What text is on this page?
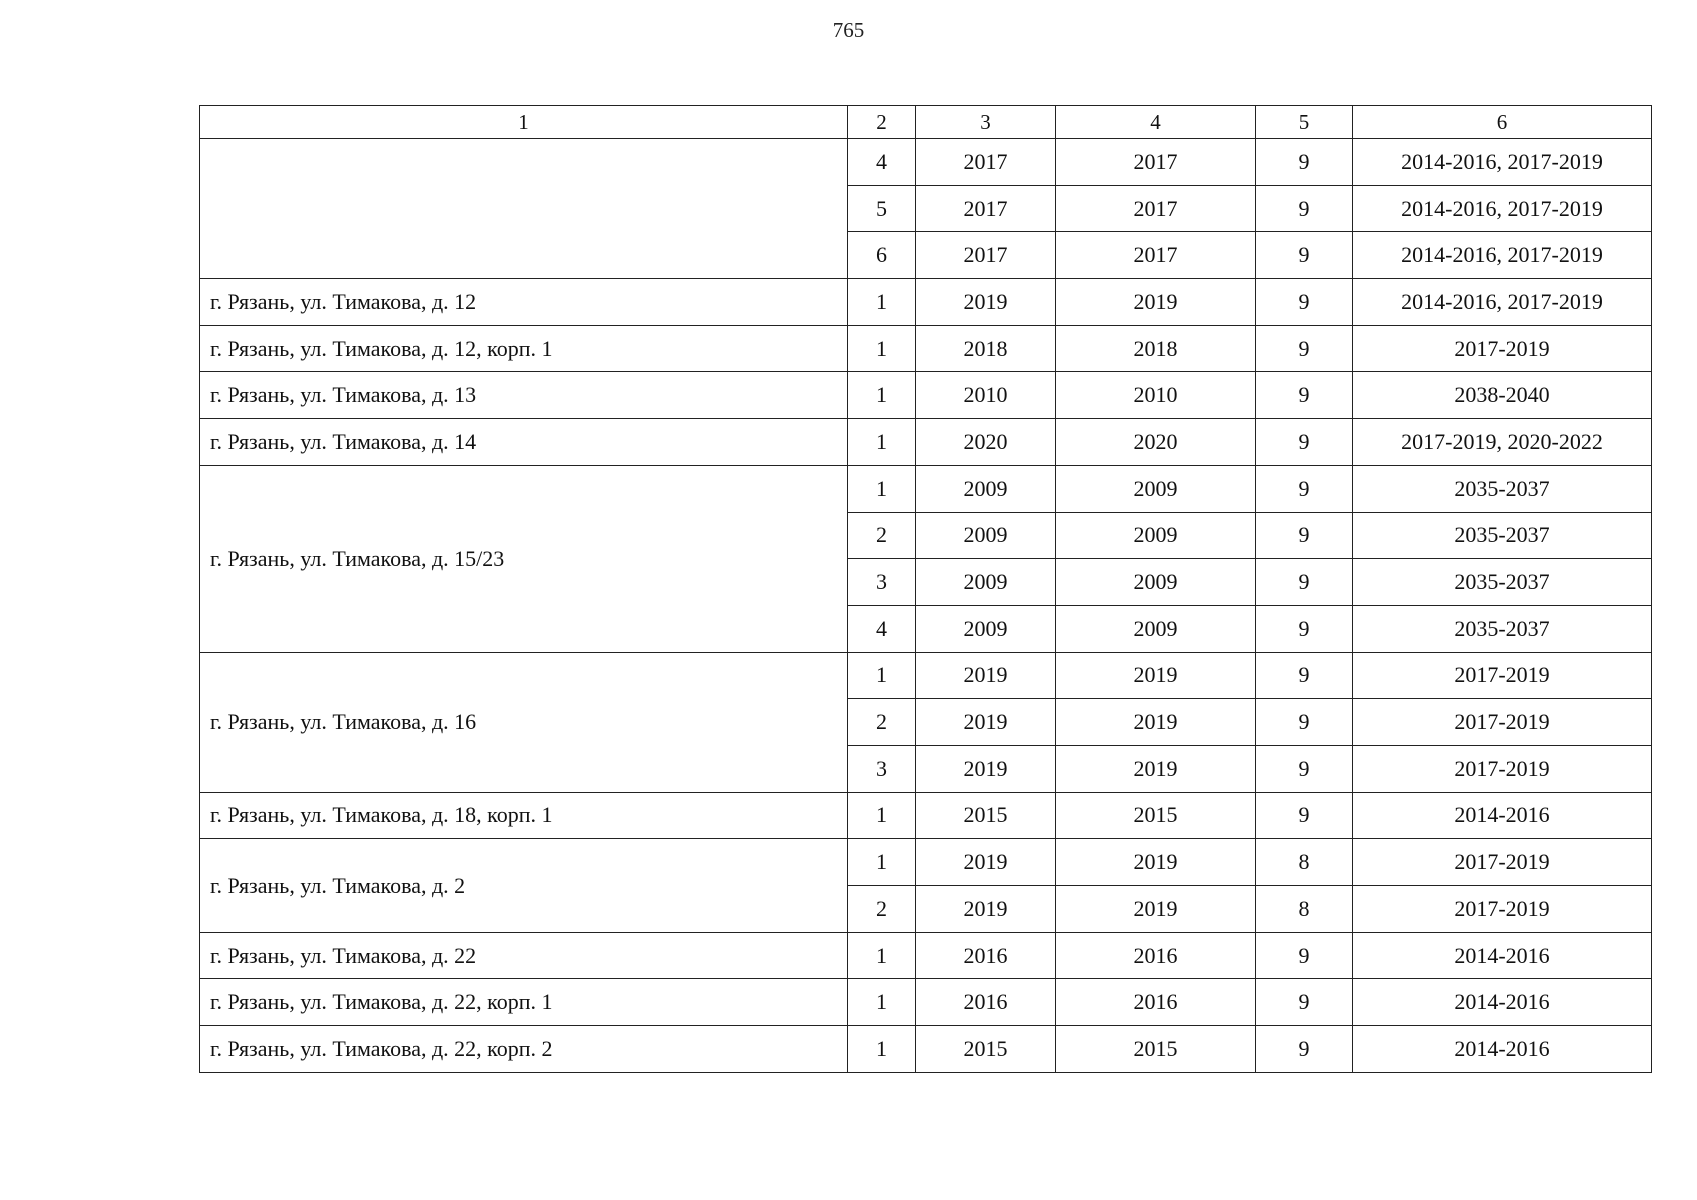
765
1	2	3	4	5	6
	4	2017	2017	9	2014-2016, 2017-2019
	5	2017	2017	9	2014-2016, 2017-2019
	6	2017	2017	9	2014-2016, 2017-2019
г. Рязань, ул. Тимакова, д. 12	1	2019	2019	9	2014-2016, 2017-2019
г. Рязань, ул. Тимакова, д. 12, корп. 1	1	2018	2018	9	2017-2019
г. Рязань, ул. Тимакова, д. 13	1	2010	2010	9	2038-2040
г. Рязань, ул. Тимакова, д. 14	1	2020	2020	9	2017-2019, 2020-2022
г. Рязань, ул. Тимакова, д. 15/23	1	2009	2009	9	2035-2037
	2	2009	2009	9	2035-2037
	3	2009	2009	9	2035-2037
	4	2009	2009	9	2035-2037
г. Рязань, ул. Тимакова, д. 16	1	2019	2019	9	2017-2019
	2	2019	2019	9	2017-2019
	3	2019	2019	9	2017-2019
г. Рязань, ул. Тимакова, д. 18, корп. 1	1	2015	2015	9	2014-2016
г. Рязань, ул. Тимакова, д. 2	1	2019	2019	8	2017-2019
	2	2019	2019	8	2017-2019
г. Рязань, ул. Тимакова, д. 22	1	2016	2016	9	2014-2016
г. Рязань, ул. Тимакова, д. 22, корп. 1	1	2016	2016	9	2014-2016
г. Рязань, ул. Тимакова, д. 22, корп. 2	1	2015	2015	9	2014-2016
